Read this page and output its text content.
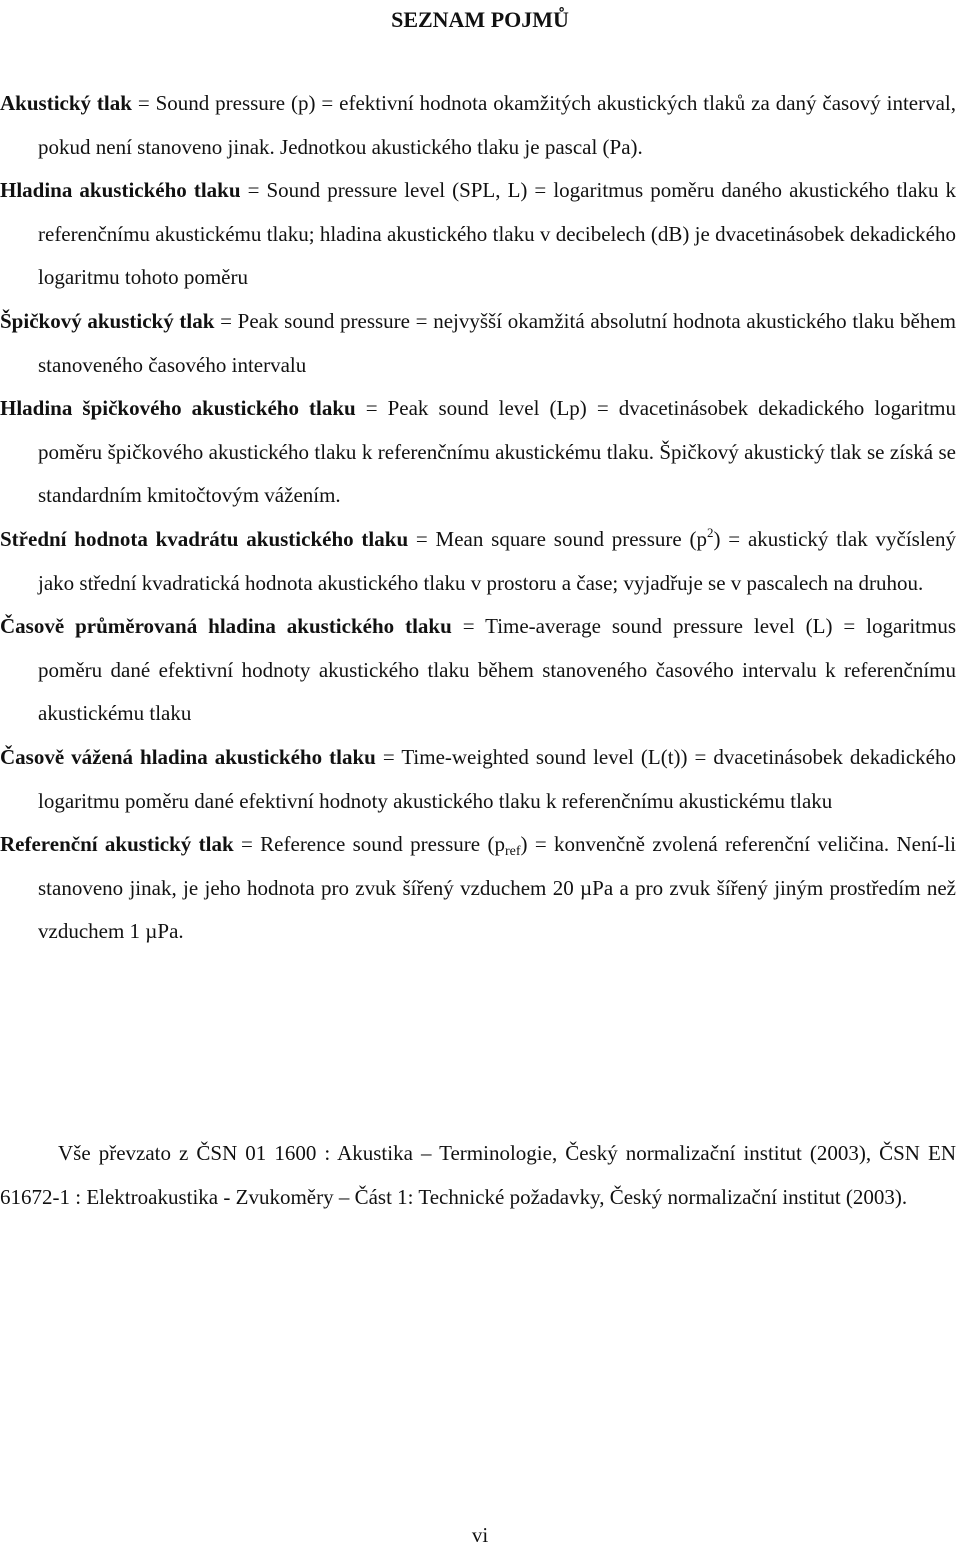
SEZNAM POJMŮ
Akustický tlak = Sound pressure (p) = efektivní hodnota okamžitých akustických tlaků za daný časový interval, pokud není stanoveno jinak. Jednotkou akustického tlaku je pascal (Pa).
Hladina akustického tlaku = Sound pressure level (SPL, L) = logaritmus poměru daného akustického tlaku k referenčnímu akustickému tlaku; hladina akustického tlaku v decibelech (dB) je dvacetinásobek dekadického logaritmu tohoto poměru
Špičkový akustický tlak = Peak sound pressure = nejvyšší okamžitá absolutní hodnota akustického tlaku během stanoveného časového intervalu
Hladina špičkového akustického tlaku = Peak sound level (Lp) = dvacetinásobek dekadického logaritmu poměru špičkového akustického tlaku k referenčnímu akustickému tlaku. Špičkový akustický tlak se získá se standardním kmitočtovým vážením.
Střední hodnota kvadrátu akustického tlaku = Mean square sound pressure $(p^2)$ = akustický tlak vyčíslený jako střední kvadratická hodnota akustického tlaku v prostoru a čase; vyjadřuje se v pascalech na druhou.
Časově průměrovaná hladina akustického tlaku = Time-average sound pressure level (L) = logaritmus poměru dané efektivní hodnoty akustického tlaku během stanoveného časového intervalu k referenčnímu akustickému tlaku
Časově vážená hladina akustického tlaku = Time-weighted sound level (L(t)) = dvacetinásobek dekadického logaritmu poměru dané efektivní hodnoty akustického tlaku k referenčnímu akustickému tlaku
Referenční akustický tlak = Reference sound pressure $(p_{ref})$ = konvenčně zvolená referenční veličina. Není-li stanoveno jinak, je jeho hodnota pro zvuk šířený vzduchem 20 µPa a pro zvuk šířený jiným prostředím než vzduchem 1 µPa.
Vše převzato z ČSN 01 1600 : Akustika – Terminologie, Český normalizační institut (2003), ČSN EN 61672-1 : Elektroakustika - Zvukoměry – Část 1: Technické požadavky, Český normalizační institut (2003).
vi
